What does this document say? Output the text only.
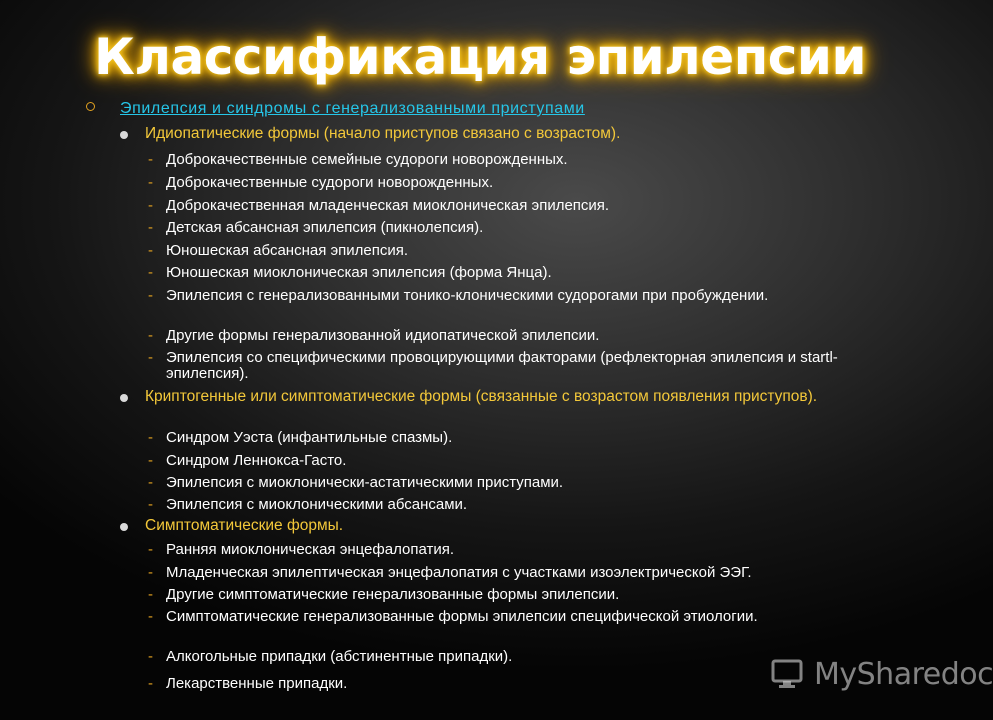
Классификация эпилепсии
Эпилепсия и синдромы с генерализованными приступами
Идиопатические формы (начало приступов связано с возрастом).
- Доброкачественные семейные судороги новорожденных.
- Доброкачественные судороги новорожденных.
- Доброкачественная младенческая миоклоническая эпилепсия.
- Детская абсансная эпилепсия (пикнолепсия).
- Юношеская абсансная эпилепсия.
- Юношеская миоклоническая эпилепсия (форма Янца).
- Эпилепсия с генерализованными тонико-клоническими судорогами при пробуждении.
- Другие формы генерализованной идиопатической эпилепсии.
- Эпилепсия со специфическими провоцирующими факторами (рефлекторная эпилепсия и startl-эпилепсия).
Криптогенные или симптоматические формы (связанные с возрастом появления приступов).
- Синдром Уэста (инфантильные спазмы).
- Синдром Леннокса-Гасто.
- Эпилепсия с миоклонически-астатическими приступами.
- Эпилепсия с миоклоническими абсансами.
Симптоматические формы.
- Ранняя миоклоническая энцефалопатия.
- Младенческая эпилептическая энцефалопатия с участками изоэлектрической ЭЭГ.
- Другие симптоматические генерализованные формы эпилепсии.
- Симптоматические генерализованные формы эпилепсии специфической этиологии.
- Алкогольные припадки (абстинентные припадки).
- Лекарственные припадки.	MySharedoc
